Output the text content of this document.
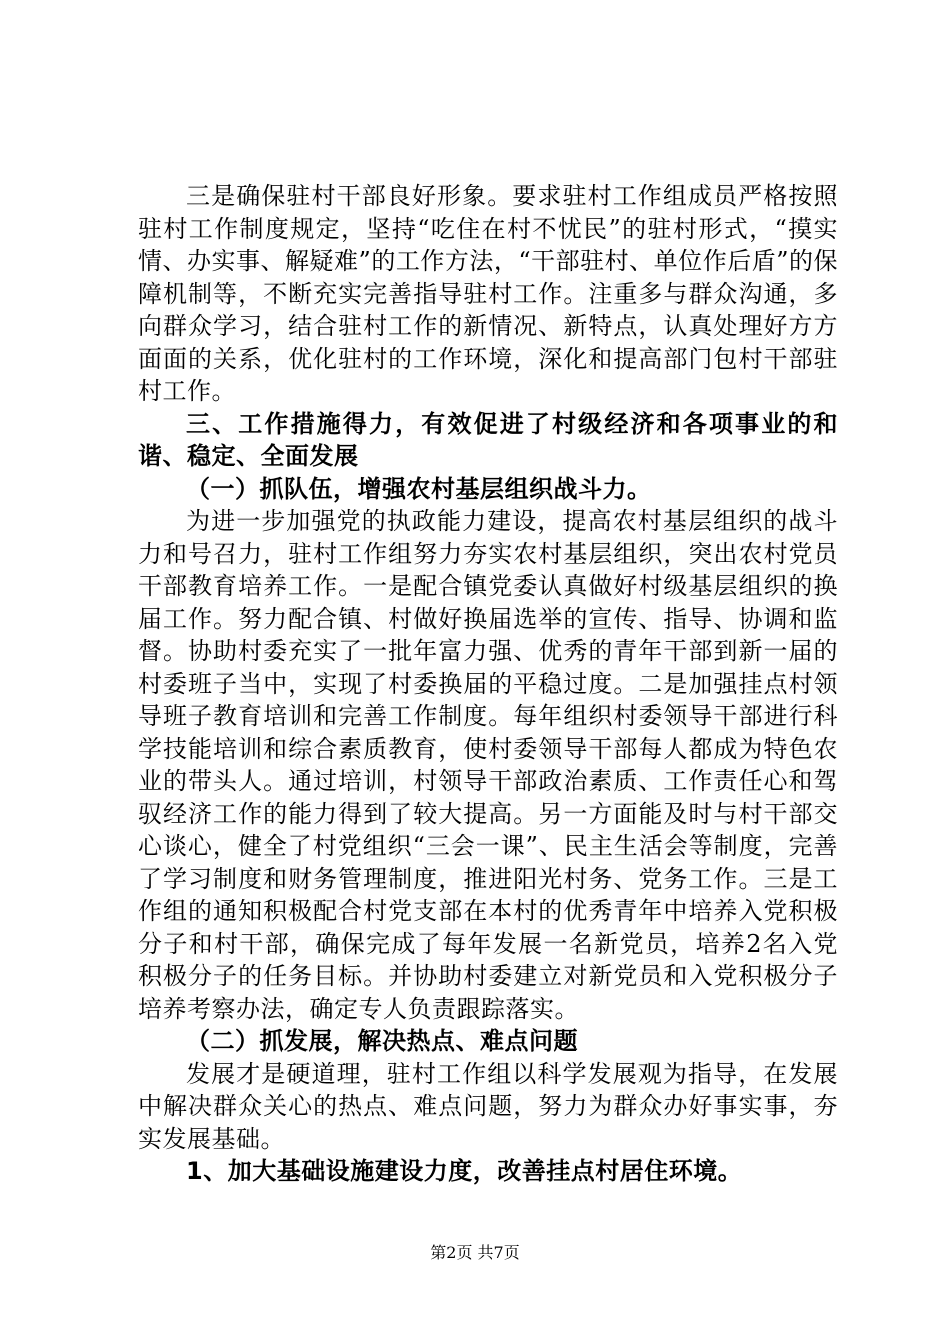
三是确保驻村干部良好形象。要求驻村工作组成员严格按照驻村工作制度规定，坚持“吃住在村不忧民”的驻村形式，“摸实情、办实事、解疑难”的工作方法，“干部驻村、单位作后盾”的保障机制等，不断充实完善指导驻村工作。注重多与群众沟通，多向群众学习，结合驻村工作的新情况、新特点，认真处理好方方面面的关系，优化驻村的工作环境，深化和提高部门包村干部驻村工作。

三、工作措施得力，有效促进了村级经济和各项事业的和谐、稳定、全面发展

（一）抓队伍，增强农村基层组织战斗力。

为进一步加强党的执政能力建设，提高农村基层组织的战斗力和号召力，驻村工作组努力夯实农村基层组织，突出农村党员干部教育培养工作。一是配合镇党委认真做好村级基层组织的换届工作。努力配合镇、村做好换届选举的宣传、指导、协调和监督。协助村委充实了一批年富力强、优秀的青年干部到新一届的村委班子当中，实现了村委换届的平稳过度。二是加强挂点村领导班子教育培训和完善工作制度。每年组织村委领导干部进行科学技能培训和综合素质教育，使村委领导干部每人都成为特色农业的带头人。通过培训，村领导干部政治素质、工作责任心和驾驭经济工作的能力得到了较大提高。另一方面能及时与村干部交心谈心，健全了村党组织“三会一课”、民主生活会等制度，完善了学习制度和财务管理制度，推进阳光村务、党务工作。三是工作组的通知积极配合村党支部在本村的优秀青年中培养入党积极分子和村干部，确保完成了每年发展一名新党员，培养2名入党积极分子的任务目标。并协助村委建立对新党员和入党积极分子培养考察办法，确定专人负责跟踪落实。

（二）抓发展，解决热点、难点问题

发展才是硬道理，驻村工作组以科学发展观为指导，在发展中解决群众关心的热点、难点问题，努力为群众办好事实事，夯实发展基础。

1、加大基础设施建设力度，改善挂点村居住环境。

第2页 共7页
